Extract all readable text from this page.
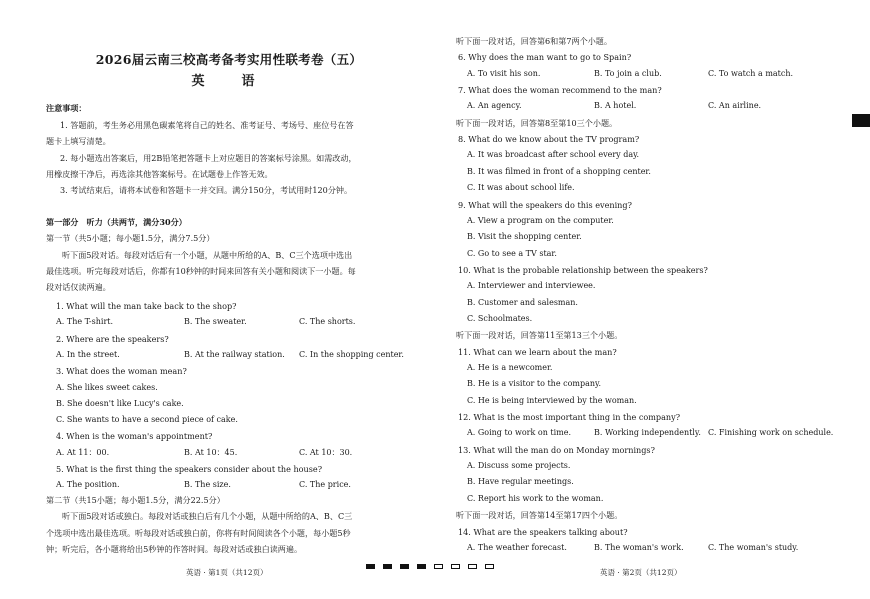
2026届云南三校高考备考实用性联考卷（五）
英　语
英语 · 第1页（共12页）	英语 · 第2页（共12页）
注意事项：
1. 答题前，考生务必用黑色碳素笔将自己的姓名、准考证号、考场号、座位号在答
题卡上填写清楚。
2. 每小题选出答案后，用2B铅笔把答题卡上对应题目的答案标号涂黑。如需改动，
用橡皮擦干净后，再选涂其他答案标号。在试题卷上作答无效。
3. 考试结束后，请将本试卷和答题卡一并交回。满分150分，考试用时120分钟。
第一部分　听力（共两节，满分30分）
第一节（共5小题；每小题1.5分，满分7.5分）
听下面5段对话。每段对话后有一个小题，从题中所给的A、B、C三个选项中选出
最佳选项。听完每段对话后，你都有10秒钟的时间来回答有关小题和阅读下一小题。每
段对话仅读两遍。
1. What will the man take back to the shop?
A. The T-shirt.	B. The sweater.	C. The shorts.
2. Where are the speakers?
A. In the street.	B. At the railway station. C. In the shopping center.
3. What does the woman mean?
A. She likes sweet cakes.
B. She doesn't like Lucy's cake.
C. She wants to have a second piece of cake.
4. When is the woman's appointment?
A. At 11：00.	B. At 10：45.	C. At 10：30.
5. What is the first thing the speakers consider about the house?
A. The position.	B. The size.	C. The price.
第二节（共15小题；每小题1.5分，满分22.5分）
听下面5段对话或独白。每段对话或独白后有几个小题，从题中所给的A、B、C三
个选项中选出最佳选项。听每段对话或独白前，你将有时间阅读各个小题，每小题5秒
钟；听完后，各小题将给出5秒钟的作答时间。每段对话或独白读两遍。
听下面一段对话，回答第6和第7两个小题。
6. Why does the man want to go to Spain?
A. To visit his son.	B. To join a club.	C. To watch a match.
7. What does the woman recommend to the man?
A. An agency.	B. A hotel.	C. An airline.
听下面一段对话，回答第8至第10三个小题。
8. What do we know about the TV program?
A. It was broadcast after school every day.
B. It was filmed in front of a shopping center.
C. It was about school life.
9. What will the speakers do this evening?
A. View a program on the computer.
B. Visit the shopping center.
C. Go to see a TV star.
10. What is the probable relationship between the speakers?
A. Interviewer and interviewee.
B. Customer and salesman.
C. Schoolmates.
听下面一段对话，回答第11至第13三个小题。
11. What can we learn about the man?
A. He is a newcomer.
B. He is a visitor to the company.
C. He is being interviewed by the woman.
12. What is the most important thing in the company?
A. Going to work on time.	B. Working independently. C. Finishing work on schedule.
13. What will the man do on Monday mornings?
A. Discuss some projects.
B. Have regular meetings.
C. Report his work to the woman.
听下面一段对话，回答第14至第17四个小题。
14. What are the speakers talking about?
A. The weather forecast.	B. The woman's work.	C. The woman's study.
